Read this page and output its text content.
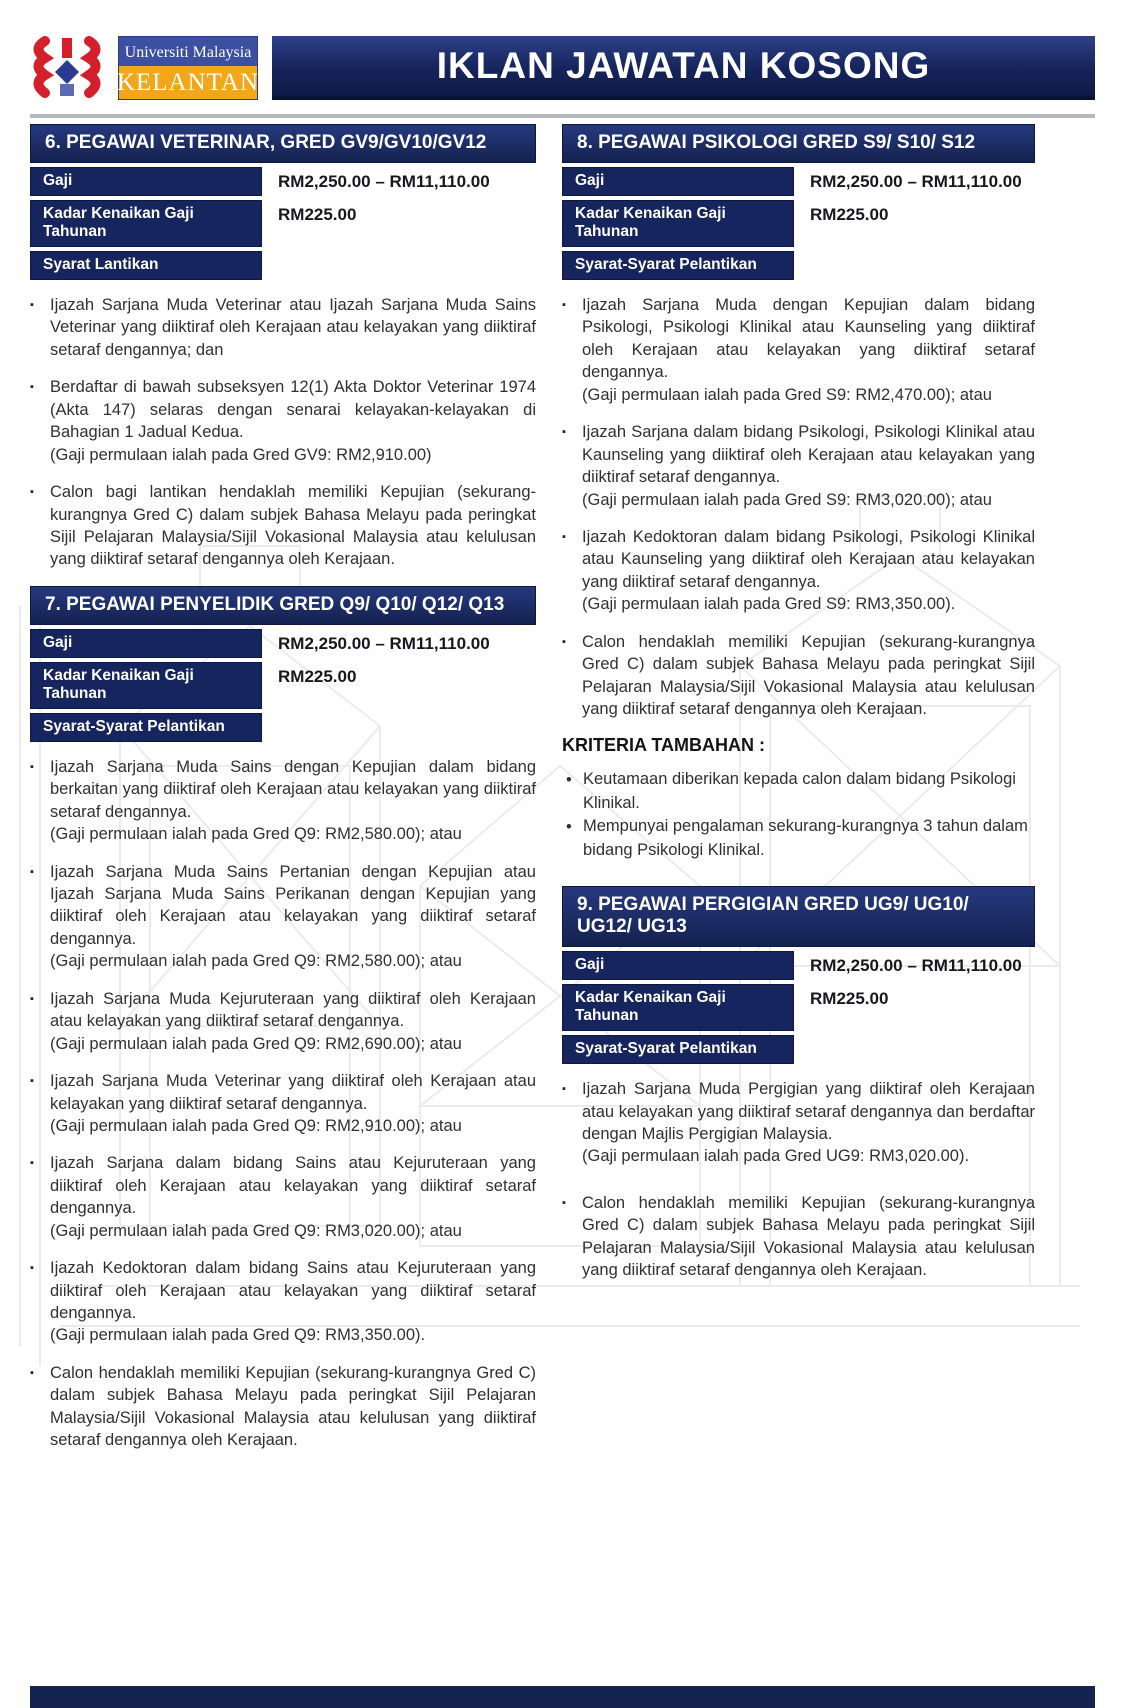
Universiti Malaysia
KELANTAN	IKLAN JAWATAN KOSONG
6. PEGAWAI VETERINAR, GRED GV9/GV10/GV12
Gaji	RM2,250.00 – RM11,110.00
Kadar Kenaikan Gaji Tahunan
RM225.00
Syarat Lantikan
▪ Ijazah Sarjana Muda Veterinar atau Ijazah Sarjana Muda Sains Veterinar yang diiktiraf oleh Kerajaan atau kelayakan yang diiktiraf setaraf dengannya; dan
▪ Berdaftar di bawah subseksyen 12(1) Akta Doktor Veterinar 1974 (Akta 147) selaras dengan senarai kelayakan-kelayakan di Bahagian 1 Jadual Kedua.
(Gaji permulaan ialah pada Gred GV9: RM2,910.00)
▪ Calon bagi lantikan hendaklah memiliki Kepujian (sekurang-kurangnya Gred C) dalam subjek Bahasa Melayu pada peringkat Sijil Pelajaran Malaysia/Sijil Vokasional Malaysia atau kelulusan yang diiktiraf setaraf dengannya oleh Kerajaan.
7. PEGAWAI PENYELIDIK GRED Q9/ Q10/ Q12/ Q13
Gaji	RM2,250.00 – RM11,110.00
Kadar Kenaikan Gaji Tahunan
RM225.00
Syarat-Syarat Pelantikan
▪ Ijazah Sarjana Muda Sains dengan Kepujian dalam bidang berkaitan yang diiktiraf oleh Kerajaan atau kelayakan yang diiktiraf setaraf dengannya.
(Gaji permulaan ialah pada Gred Q9: RM2,580.00); atau
▪ Ijazah Sarjana Muda Sains Pertanian dengan Kepujian atau Ijazah Sarjana Muda Sains Perikanan dengan Kepujian yang diiktiraf oleh Kerajaan atau kelayakan yang diiktiraf setaraf dengannya.
(Gaji permulaan ialah pada Gred Q9: RM2,580.00); atau
▪ Ijazah Sarjana Muda Kejuruteraan yang diiktiraf oleh Kerajaan atau kelayakan yang diiktiraf setaraf dengannya.
(Gaji permulaan ialah pada Gred Q9: RM2,690.00); atau
▪ Ijazah Sarjana Muda Veterinar yang diiktiraf oleh Kerajaan atau kelayakan yang diiktiraf setaraf dengannya.
(Gaji permulaan ialah pada Gred Q9: RM2,910.00); atau
▪ Ijazah Sarjana dalam bidang Sains atau Kejuruteraan yang diiktiraf oleh Kerajaan atau kelayakan yang diiktiraf setaraf dengannya.
(Gaji permulaan ialah pada Gred Q9: RM3,020.00); atau
▪ Ijazah Kedoktoran dalam bidang Sains atau Kejuruteraan yang diiktiraf oleh Kerajaan atau kelayakan yang diiktiraf setaraf dengannya.
(Gaji permulaan ialah pada Gred Q9: RM3,350.00).
▪ Calon hendaklah memiliki Kepujian (sekurang-kurangnya Gred C) dalam subjek Bahasa Melayu pada peringkat Sijil Pelajaran Malaysia/Sijil Vokasional Malaysia atau kelulusan yang diiktiraf setaraf dengannya oleh Kerajaan.
8. PEGAWAI PSIKOLOGI GRED S9/ S10/ S12
Gaji	RM2,250.00 – RM11,110.00
Kadar Kenaikan Gaji Tahunan
RM225.00
Syarat-Syarat Pelantikan
▪ Ijazah Sarjana Muda dengan Kepujian dalam bidang Psikologi, Psikologi Klinikal atau Kaunseling yang diiktiraf oleh Kerajaan atau kelayakan yang diiktiraf setaraf dengannya.
(Gaji permulaan ialah pada Gred S9: RM2,470.00); atau
▪ Ijazah Sarjana dalam bidang Psikologi, Psikologi Klinikal atau Kaunseling yang diiktiraf oleh Kerajaan atau kelayakan yang diiktiraf setaraf dengannya.
(Gaji permulaan ialah pada Gred S9: RM3,020.00); atau
▪ Ijazah Kedoktoran dalam bidang Psikologi, Psikologi Klinikal atau Kaunseling yang diiktiraf oleh Kerajaan atau kelayakan yang diiktiraf setaraf dengannya.
(Gaji permulaan ialah pada Gred S9: RM3,350.00).
▪ Calon hendaklah memiliki Kepujian (sekurang-kurangnya Gred C) dalam subjek Bahasa Melayu pada peringkat Sijil Pelajaran Malaysia/Sijil Vokasional Malaysia atau kelulusan yang diiktiraf setaraf dengannya oleh Kerajaan.
KRITERIA TAMBAHAN :
• Keutamaan diberikan kepada calon dalam bidang Psikologi Klinikal.
• Mempunyai pengalaman sekurang-kurangnya 3 tahun dalam bidang Psikologi Klinikal.
9. PEGAWAI PERGIGIAN GRED UG9/ UG10/ UG12/ UG13
Gaji	RM2,250.00 – RM11,110.00
Kadar Kenaikan Gaji Tahunan
RM225.00
Syarat-Syarat Pelantikan
▪ Ijazah Sarjana Muda Pergigian yang diiktiraf oleh Kerajaan atau kelayakan yang diiktiraf setaraf dengannya dan berdaftar dengan Majlis Pergigian Malaysia.
(Gaji permulaan ialah pada Gred UG9: RM3,020.00).
▪ Calon hendaklah memiliki Kepujian (sekurang-kurangnya Gred C) dalam subjek Bahasa Melayu pada peringkat Sijil Pelajaran Malaysia/Sijil Vokasional Malaysia atau kelulusan yang diiktiraf setaraf dengannya oleh Kerajaan.
